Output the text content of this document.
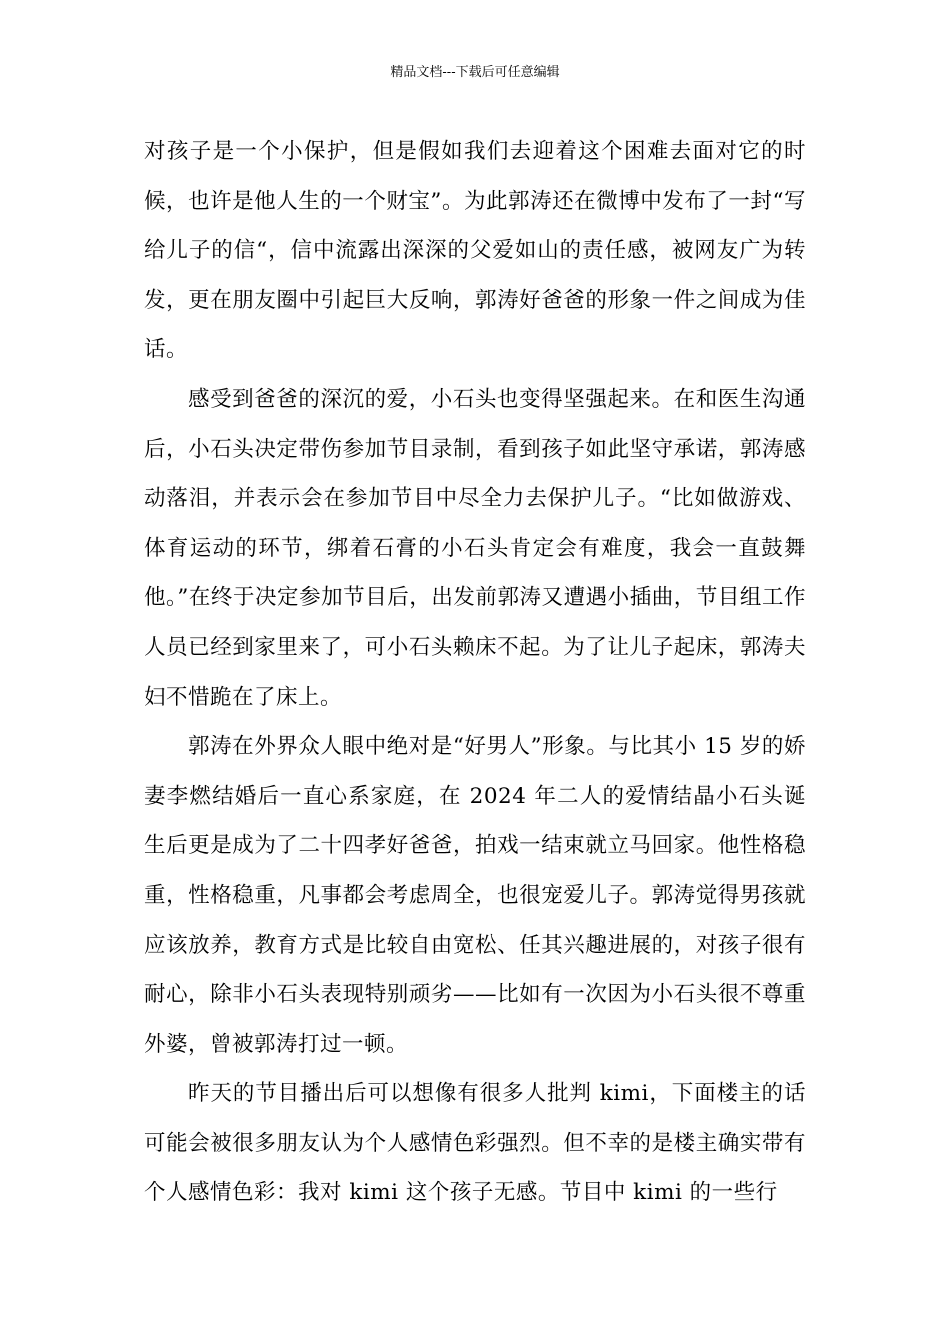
精品文档---下载后可任意编辑

对孩子是一个小保护，但是假如我们去迎着这个困难去面对它的时候，也许是他人生的一个财宝”。为此郭涛还在微博中发布了一封“写给儿子的信“，信中流露出深深的父爱如山的责任感，被网友广为转发，更在朋友圈中引起巨大反响，郭涛好爸爸的形象一件之间成为佳话。

感受到爸爸的深沉的爱，小石头也变得坚强起来。在和医生沟通后，小石头决定带伤参加节目录制，看到孩子如此坚守承诺，郭涛感动落泪，并表示会在参加节目中尽全力去保护儿子。“比如做游戏、体育运动的环节，绑着石膏的小石头肯定会有难度，我会一直鼓舞他。”在终于决定参加节目后，出发前郭涛又遭遇小插曲，节目组工作人员已经到家里来了，可小石头赖床不起。为了让儿子起床，郭涛夫妇不惜跪在了床上。

郭涛在外界众人眼中绝对是“好男人”形象。与比其小 15 岁的娇妻李燃结婚后一直心系家庭，在 2024 年二人的爱情结晶小石头诞生后更是成为了二十四孝好爸爸，拍戏一结束就立马回家。他性格稳重，性格稳重，凡事都会考虑周全，也很宠爱儿子。郭涛觉得男孩就应该放养，教育方式是比较自由宽松、任其兴趣进展的，对孩子很有耐心，除非小石头表现特别顽劣——比如有一次因为小石头很不尊重外婆，曾被郭涛打过一顿。

昨天的节目播出后可以想像有很多人批判 kimi，下面楼主的话可能会被很多朋友认为个人感情色彩强烈。但不幸的是楼主确实带有个人感情色彩：我对 kimi 这个孩子无感。节目中 kimi 的一些行
